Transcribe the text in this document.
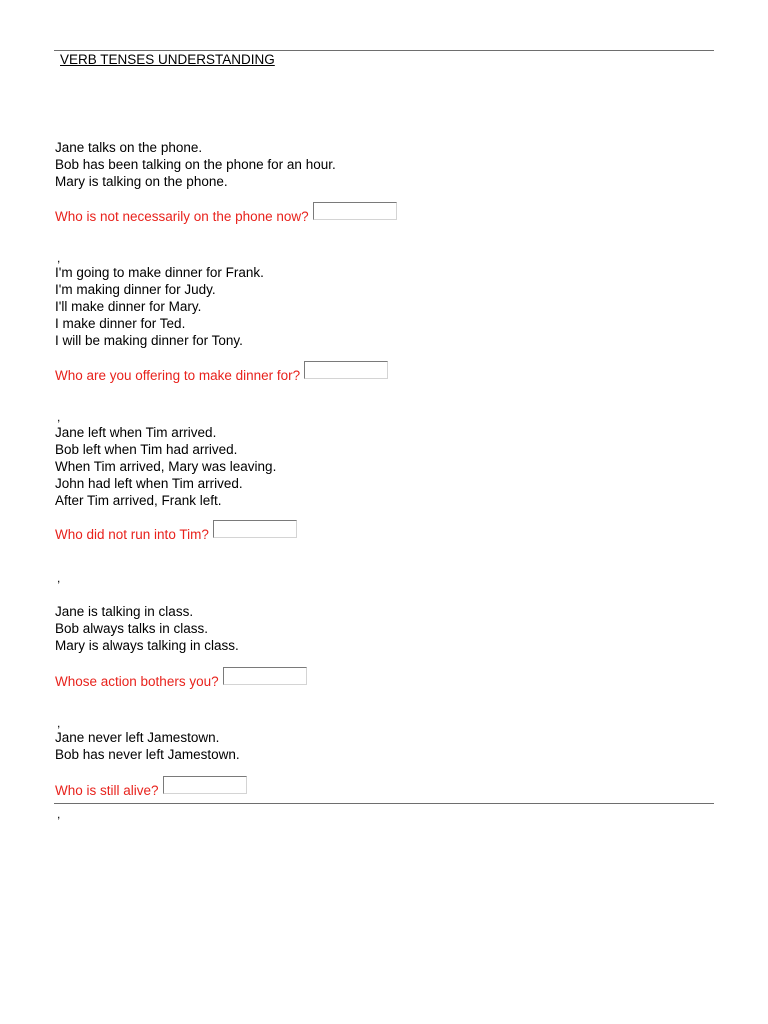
VERB TENSES UNDERSTANDING
Jane talks on the phone.
Bob has been talking on the phone for an hour.
Mary is talking on the phone.
Who is not necessarily on the phone now?
,
I'm going to make dinner for Frank.
I'm making dinner for Judy.
I'll make dinner for Mary.
I make dinner for Ted.
I will be making dinner for Tony.
Who are you offering to make dinner for?
,
Jane left when Tim arrived.
Bob left when Tim had arrived.
When Tim arrived, Mary was leaving.
John had left when Tim arrived.
After Tim arrived, Frank left.
Who did not run into Tim?
,
Jane is talking in class.
Bob always talks in class.
Mary is always talking in class.
Whose action bothers you?
,
Jane never left Jamestown.
Bob has never left Jamestown.
Who is still alive?
,
